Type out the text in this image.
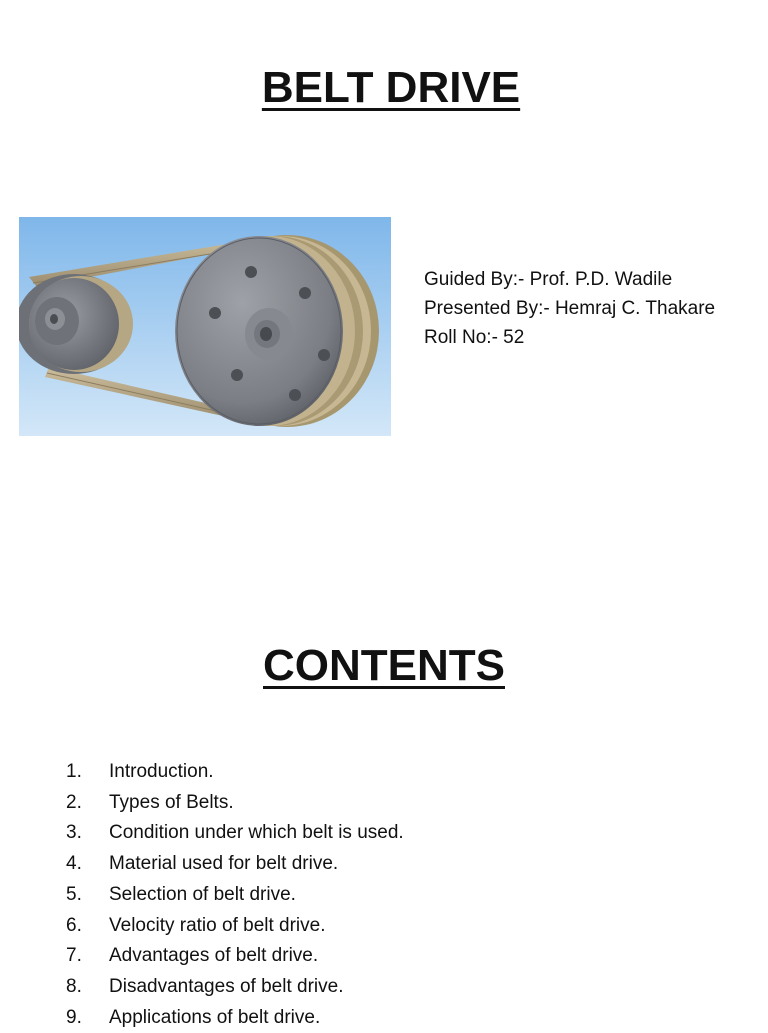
BELT DRIVE
Guided By:- Prof. P.D. Wadile
Presented By:- Hemraj C. Thakare
Roll No:- 52
CONTENTS
1.	Introduction.
2.	Types of Belts.
3.	Condition under which belt is used.
4.	Material used for belt drive.
5.	Selection of belt drive.
6.	Velocity ratio of belt drive.
7.	Advantages of belt drive.
8.	Disadvantages of belt drive.
9.	Applications of belt drive.
